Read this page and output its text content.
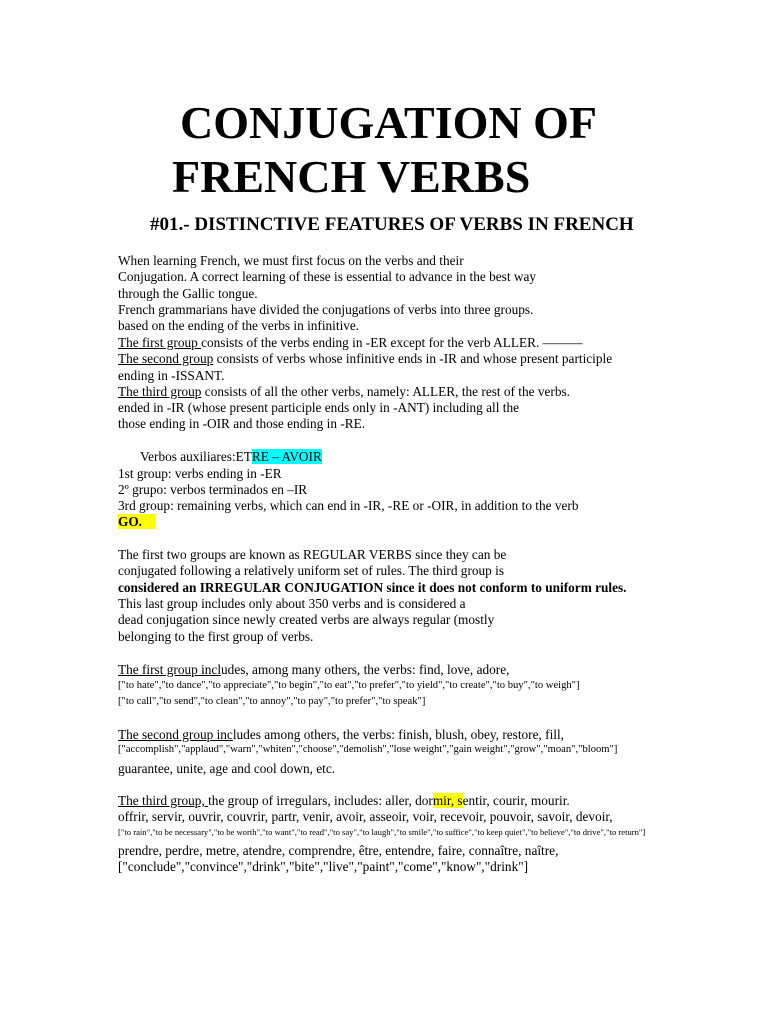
CONJUGATION OF
FRENCH VERBS
#01.- DISTINCTIVE FEATURES OF VERBS IN FRENCH
When learning French, we must first focus on the verbs and their
Conjugation. A correct learning of these is essential to advance in the best way
through the Gallic tongue.
French grammarians have divided the conjugations of verbs into three groups.
based on the ending of the verbs in infinitive.
The first group consists of the verbs ending in -ER except for the verb ALLER. ———
The second group consists of verbs whose infinitive ends in -IR and whose present participle
ending in -ISSANT.
The third group consists of all the other verbs, namely: ALLER, the rest of the verbs.
ended in -IR (whose present participle ends only in -ANT) including all the
those ending in -OIR and those ending in -RE.
Verbos auxiliares:ETRE – AVOIR
1st group: verbs ending in -ER
2º grupo: verbos terminados en –IR
3rd group: remaining verbs, which can end in -IR, -RE or -OIR, in addition to the verb
GO.
The first two groups are known as REGULAR VERBS since they can be
conjugated following a relatively uniform set of rules. The third group is
considered an IRREGULAR CONJUGATION since it does not conform to uniform rules.
This last group includes only about 350 verbs and is considered a
dead conjugation since newly created verbs are always regular (mostly
belonging to the first group of verbs.
The first group includes, among many others, the verbs: find, love, adore,
["to hate","to dance","to appreciate","to begin","to eat","to prefer","to yield","to create","to buy","to weigh"]
["to call","to send","to clean","to annoy","to pay","to prefer","to speak"]
The second group includes among others, the verbs: finish, blush, obey, restore, fill,
["accomplish","applaud","warn","whiten","choose","demolish","lose weight","gain weight","grow","moan","bloom"]
guarantee, unite, age and cool down, etc.
The third group, the group of irregulars, includes: aller, dormir, sentir, courir, mourir.
offrir, servir, ouvrir, couvrir, partr, venir, avoir, asseoir, voir, recevoir, pouvoir, savoir, devoir,
["to rain","to be necessary","to be worth","to want","to read","to say","to laugh","to smile","to suffice","to keep quiet","to believe","to drive","to return"]
prendre, perdre, metre, atendre, comprendre, être, entendre, faire, connaître, naître,
["conclude","convince","drink","bite","live","paint","come","know","drink"]
